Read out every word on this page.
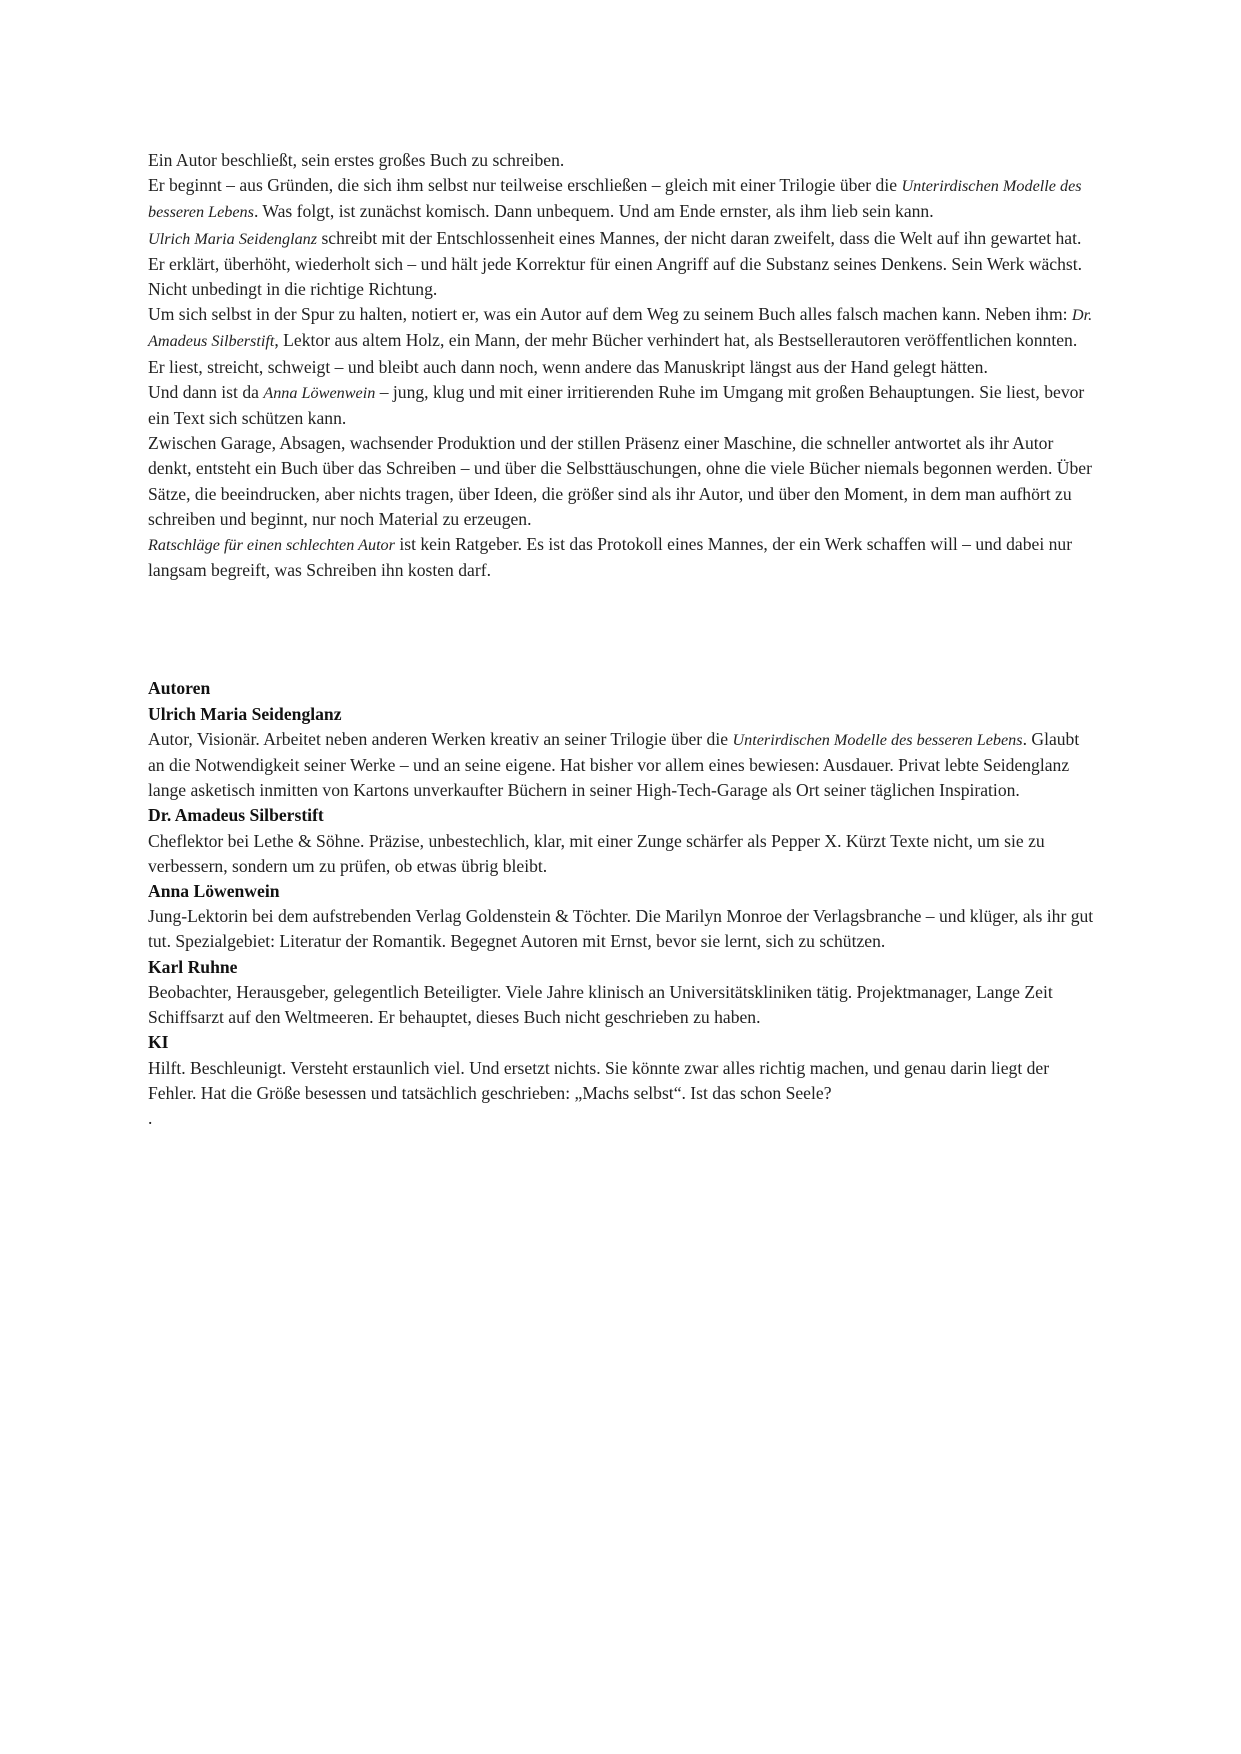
Ein Autor beschließt, sein erstes großes Buch zu schreiben.

Er beginnt – aus Gründen, die sich ihm selbst nur teilweise erschließen – gleich mit einer Trilogie über die Unterirdischen Modelle des besseren Lebens. Was folgt, ist zunächst komisch. Dann unbequem. Und am Ende ernster, als ihm lieb sein kann.

Ulrich Maria Seidenglanz schreibt mit der Entschlossenheit eines Mannes, der nicht daran zweifelt, dass die Welt auf ihn gewartet hat. Er erklärt, überhöht, wiederholt sich – und hält jede Korrektur für einen Angriff auf die Substanz seines Denkens. Sein Werk wächst. Nicht unbedingt in die richtige Richtung.

Um sich selbst in der Spur zu halten, notiert er, was ein Autor auf dem Weg zu seinem Buch alles falsch machen kann. Neben ihm: Dr. Amadeus Silberstift, Lektor aus altem Holz, ein Mann, der mehr Bücher verhindert hat, als Bestsellerautoren veröffentlichen konnten. Er liest, streicht, schweigt – und bleibt auch dann noch, wenn andere das Manuskript längst aus der Hand gelegt hätten.

Und dann ist da Anna Löwenwein – jung, klug und mit einer irritierenden Ruhe im Umgang mit großen Behauptungen. Sie liest, bevor ein Text sich schützen kann.

Zwischen Garage, Absagen, wachsender Produktion und der stillen Präsenz einer Maschine, die schneller antwortet als ihr Autor denkt, entsteht ein Buch über das Schreiben – und über die Selbsttäuschungen, ohne die viele Bücher niemals begonnen werden. Über Sätze, die beeindrucken, aber nichts tragen, über Ideen, die größer sind als ihr Autor, und über den Moment, in dem man aufhört zu schreiben und beginnt, nur noch Material zu erzeugen.

Ratschläge für einen schlechten Autor ist kein Ratgeber. Es ist das Protokoll eines Mannes, der ein Werk schaffen will – und dabei nur langsam begreift, was Schreiben ihn kosten darf.

Autoren

Ulrich Maria Seidenglanz

Autor, Visionär. Arbeitet neben anderen Werken kreativ an seiner Trilogie über die Unterirdischen Modelle des besseren Lebens. Glaubt an die Notwendigkeit seiner Werke – und an seine eigene. Hat bisher vor allem eines bewiesen: Ausdauer. Privat lebte Seidenglanz lange asketisch inmitten von Kartons unverkaufter Büchern in seiner High-Tech-Garage als Ort seiner täglichen Inspiration.

Dr. Amadeus Silberstift

Cheflektor bei Lethe & Söhne. Präzise, unbestechlich, klar, mit einer Zunge schärfer als Pepper X. Kürzt Texte nicht, um sie zu verbessern, sondern um zu prüfen, ob etwas übrig bleibt.

Anna Löwenwein

Jung-Lektorin bei dem aufstrebenden Verlag Goldenstein & Töchter. Die Marilyn Monroe der Verlagsbranche – und klüger, als ihr gut tut. Spezialgebiet: Literatur der Romantik. Begegnet Autoren mit Ernst, bevor sie lernt, sich zu schützen.

Karl Ruhne

Beobachter, Herausgeber, gelegentlich Beteiligter. Viele Jahre klinisch an Universitätskliniken tätig. Projektmanager, Lange Zeit Schiffsarzt auf den Weltmeeren. Er behauptet, dieses Buch nicht geschrieben zu haben.

KI

Hilft. Beschleunigt. Versteht erstaunlich viel. Und ersetzt nichts. Sie könnte zwar alles richtig machen, und genau darin liegt der Fehler. Hat die Größe besessen und tatsächlich geschrieben: „Machs selbst“. Ist das schon Seele?

.
